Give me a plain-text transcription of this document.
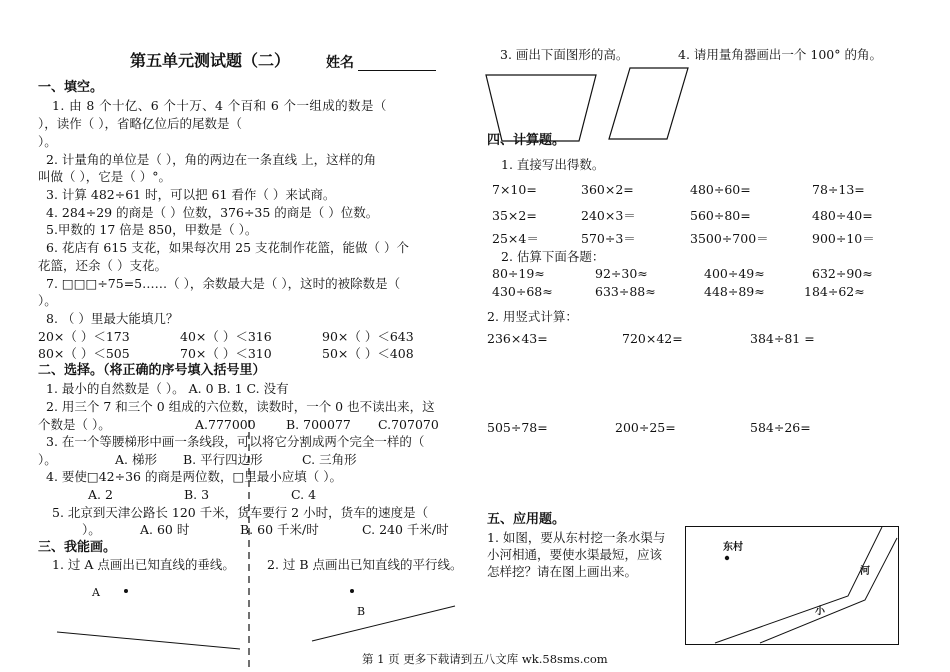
第五单元测试题（二）	姓名
一、填空。
1. 由 8 个十亿、6 个十万、4 个百和 6 个一组成的数是（
），读作（ ），省略亿位后的尾数是（
）。
2. 计量角的单位是（ ），角的两边在一条直线 上，这样的角
叫做（ ），它是（ ）°。
3. 计算 482÷61 时，可以把 61 看作（ ）来试商。
4. 284÷29 的商是（ ）位数，376÷35 的商是（ ）位数。
5.甲数的 17 倍是 850，甲数是（ ）。
6. 花店有 615 支花，如果每次用 25 支花制作花篮，能做（ ）个
花篮，还余（ ）支花。
7. □□□÷75=5……（ ），余数最大是（ ），这时的被除数是（
）。
8. （ ）里最大能填几？
20×（ ）＜173	40×（ ）＜316	90×（ ）＜643
80×（ ）＜505	70×（ ）＜310	50×（ ）＜408
二、选择。（将正确的序号填入括号里）
1. 最小的自然数是（ ）。 A. 0 B. 1 C. 没有
2. 用三个 7 和三个 0 组成的六位数，读数时，一个 0 也不读出来，这
个数是（ ）。	A.777000 B. 700077 C.707070
3. 在一个等腰梯形中画一条线段，可以将它分割成两个完全一样的（
）。	A. 梯形 B. 平行四边形	C. 三角形
4. 要使□42÷36 的商是两位数，□里最小应填（ ）。
A. 2	B. 3	C. 4
5. 北京到天津公路长 120 千米，货车要行 2 小时，货车的速度是（
）。	A. 60 时	B. 60 千米/时	C. 240 千米/时
三、我能画。
1. 过 A 点画出已知直线的垂线。	2. 过 B 点画出已知直线的平行线。
A
B
3. 画出下面图形的高。	4. 请用量角器画出一个 100° 的角。
四、计算题。
1. 直接写出得数。
7×10=	360×2=	480÷60=	78÷13=
35×2=	240×3＝	560÷80=	480÷40=
25×4＝	570÷3＝	3500÷700＝	900÷10＝
2. 估算下面各题：
80÷19≈	92÷30≈	400÷49≈	632÷90≈
430÷68≈	633÷88≈	448÷89≈	184÷62≈
2. 用竖式计算：
236×43=	720×42=	384÷81 =
505÷78=	200÷25=	584÷26=
五、应用题。
1. 如图，要从东村挖一条水渠与
小河相通，要使水渠最短，应该
怎样挖？请在图上画出来。
东村
河
小
第 1 页 更多下载请到五八文库 wk.58sms.com
